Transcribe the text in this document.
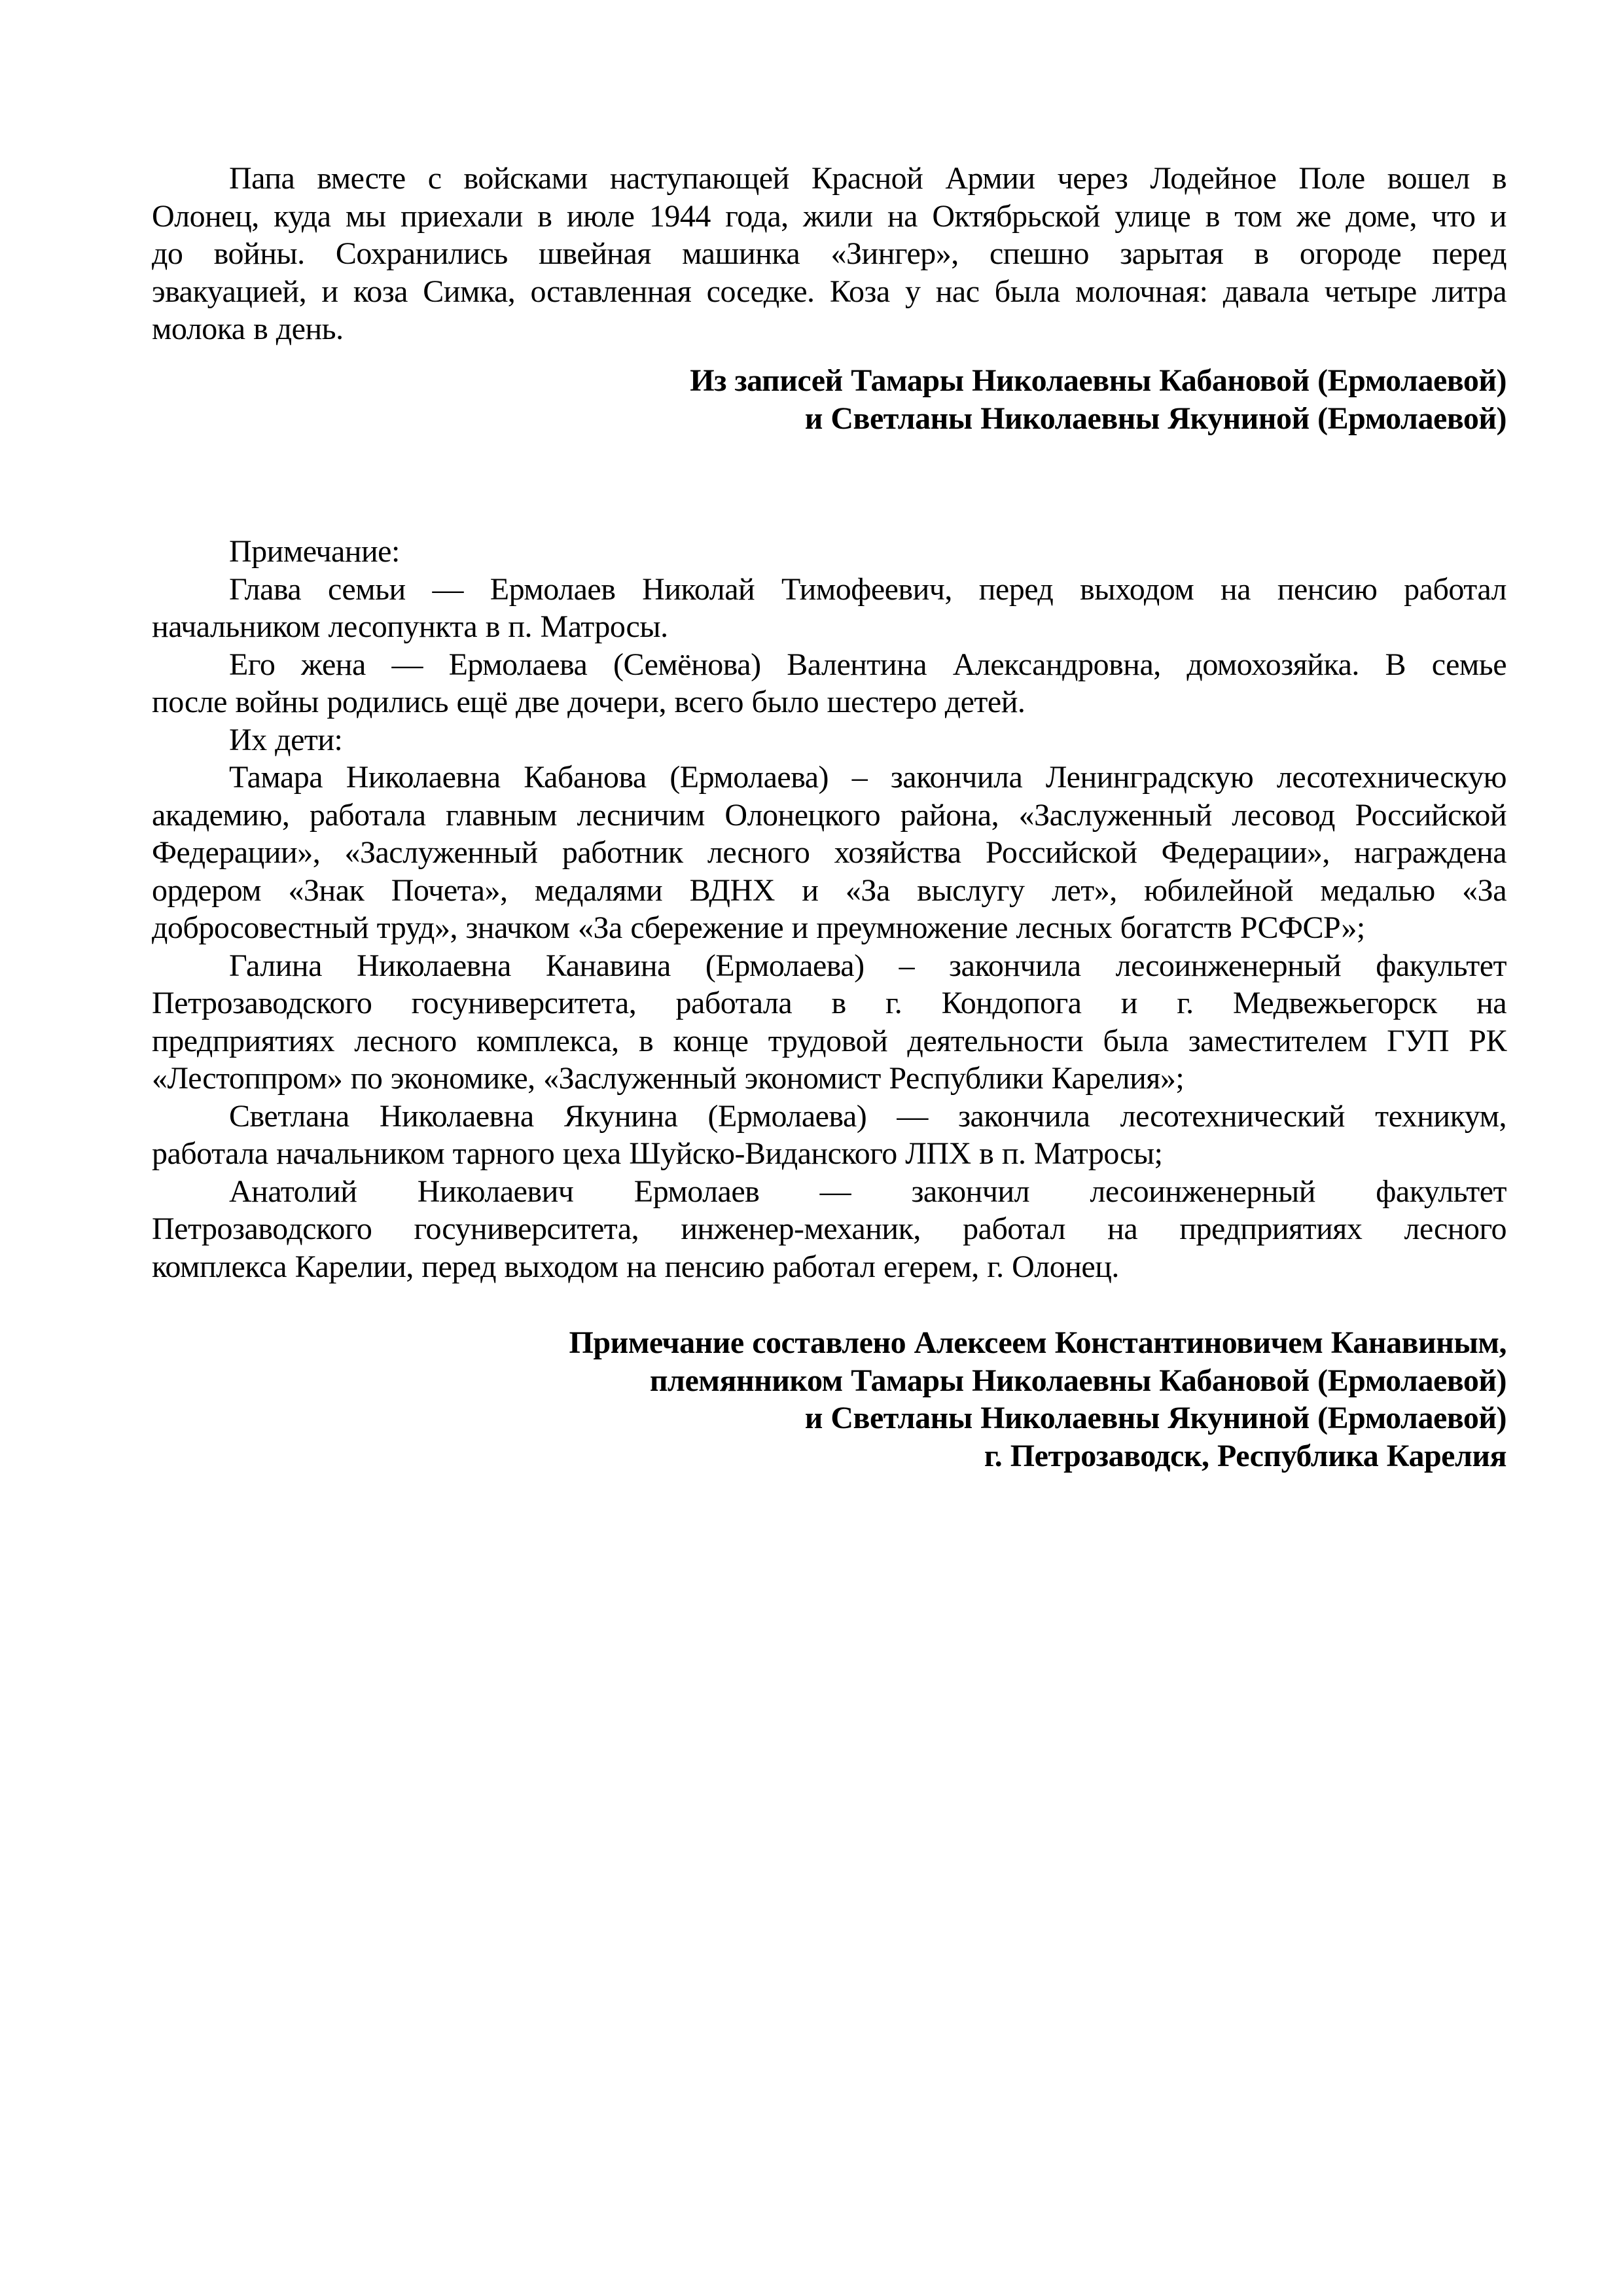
Папа вместе с войсками наступающей Красной Армии через Лодейное Поле вошел в
Олонец, куда мы приехали в июле 1944 года, жили на Октябрьской улице в том же доме, что и
до войны. Сохранились швейная машинка «Зингер», спешно зарытая в огороде перед
эвакуацией, и коза Симка, оставленная соседке. Коза у нас была молочная: давала четыре литра
молока в день.
Из записей Тамары Николаевны Кабановой (Ермолаевой)
и Светланы Николаевны Якуниной (Ермолаевой)
Примечание:
Глава семьи — Ермолаев Николай Тимофеевич, перед выходом на пенсию работал
начальником лесопункта в п. Матросы.
Его жена — Ермолаева (Семёнова) Валентина Александровна, домохозяйка. В семье
после войны родились ещё две дочери, всего было шестеро детей.
Их дети:
Тамара Николаевна Кабанова (Ермолаева) – закончила Ленинградскую лесотехническую
академию, работала главным лесничим Олонецкого района, «Заслуженный лесовод Российской
Федерации», «Заслуженный работник лесного хозяйства Российской Федерации», награждена
ордером «Знак Почета», медалями ВДНХ и «За выслугу лет», юбилейной медалью «За
добросовестный труд», значком «За сбережение и преумножение лесных богатств РСФСР»;
Галина Николаевна Канавина (Ермолаева) – закончила лесоинженерный факультет
Петрозаводского госуниверситета, работала в г. Кондопога и г. Медвежьегорск на
предприятиях лесного комплекса, в конце трудовой деятельности была заместителем ГУП РК
«Лестоппром» по экономике, «Заслуженный экономист Республики Карелия»;
Светлана Николаевна Якунина (Ермолаева) — закончила лесотехнический техникум,
работала начальником тарного цеха Шуйско-Виданского ЛПХ в п. Матросы;
Анатолий Николаевич Ермолаев — закончил лесоинженерный факультет
Петрозаводского госуниверситета, инженер-механик, работал на предприятиях лесного
комплекса Карелии, перед выходом на пенсию работал егерем, г. Олонец.
Примечание составлено Алексеем Константиновичем Канавиным,
племянником Тамары Николаевны Кабановой (Ермолаевой)
и Светланы Николаевны Якуниной (Ермолаевой)
г. Петрозаводск, Республика Карелия
